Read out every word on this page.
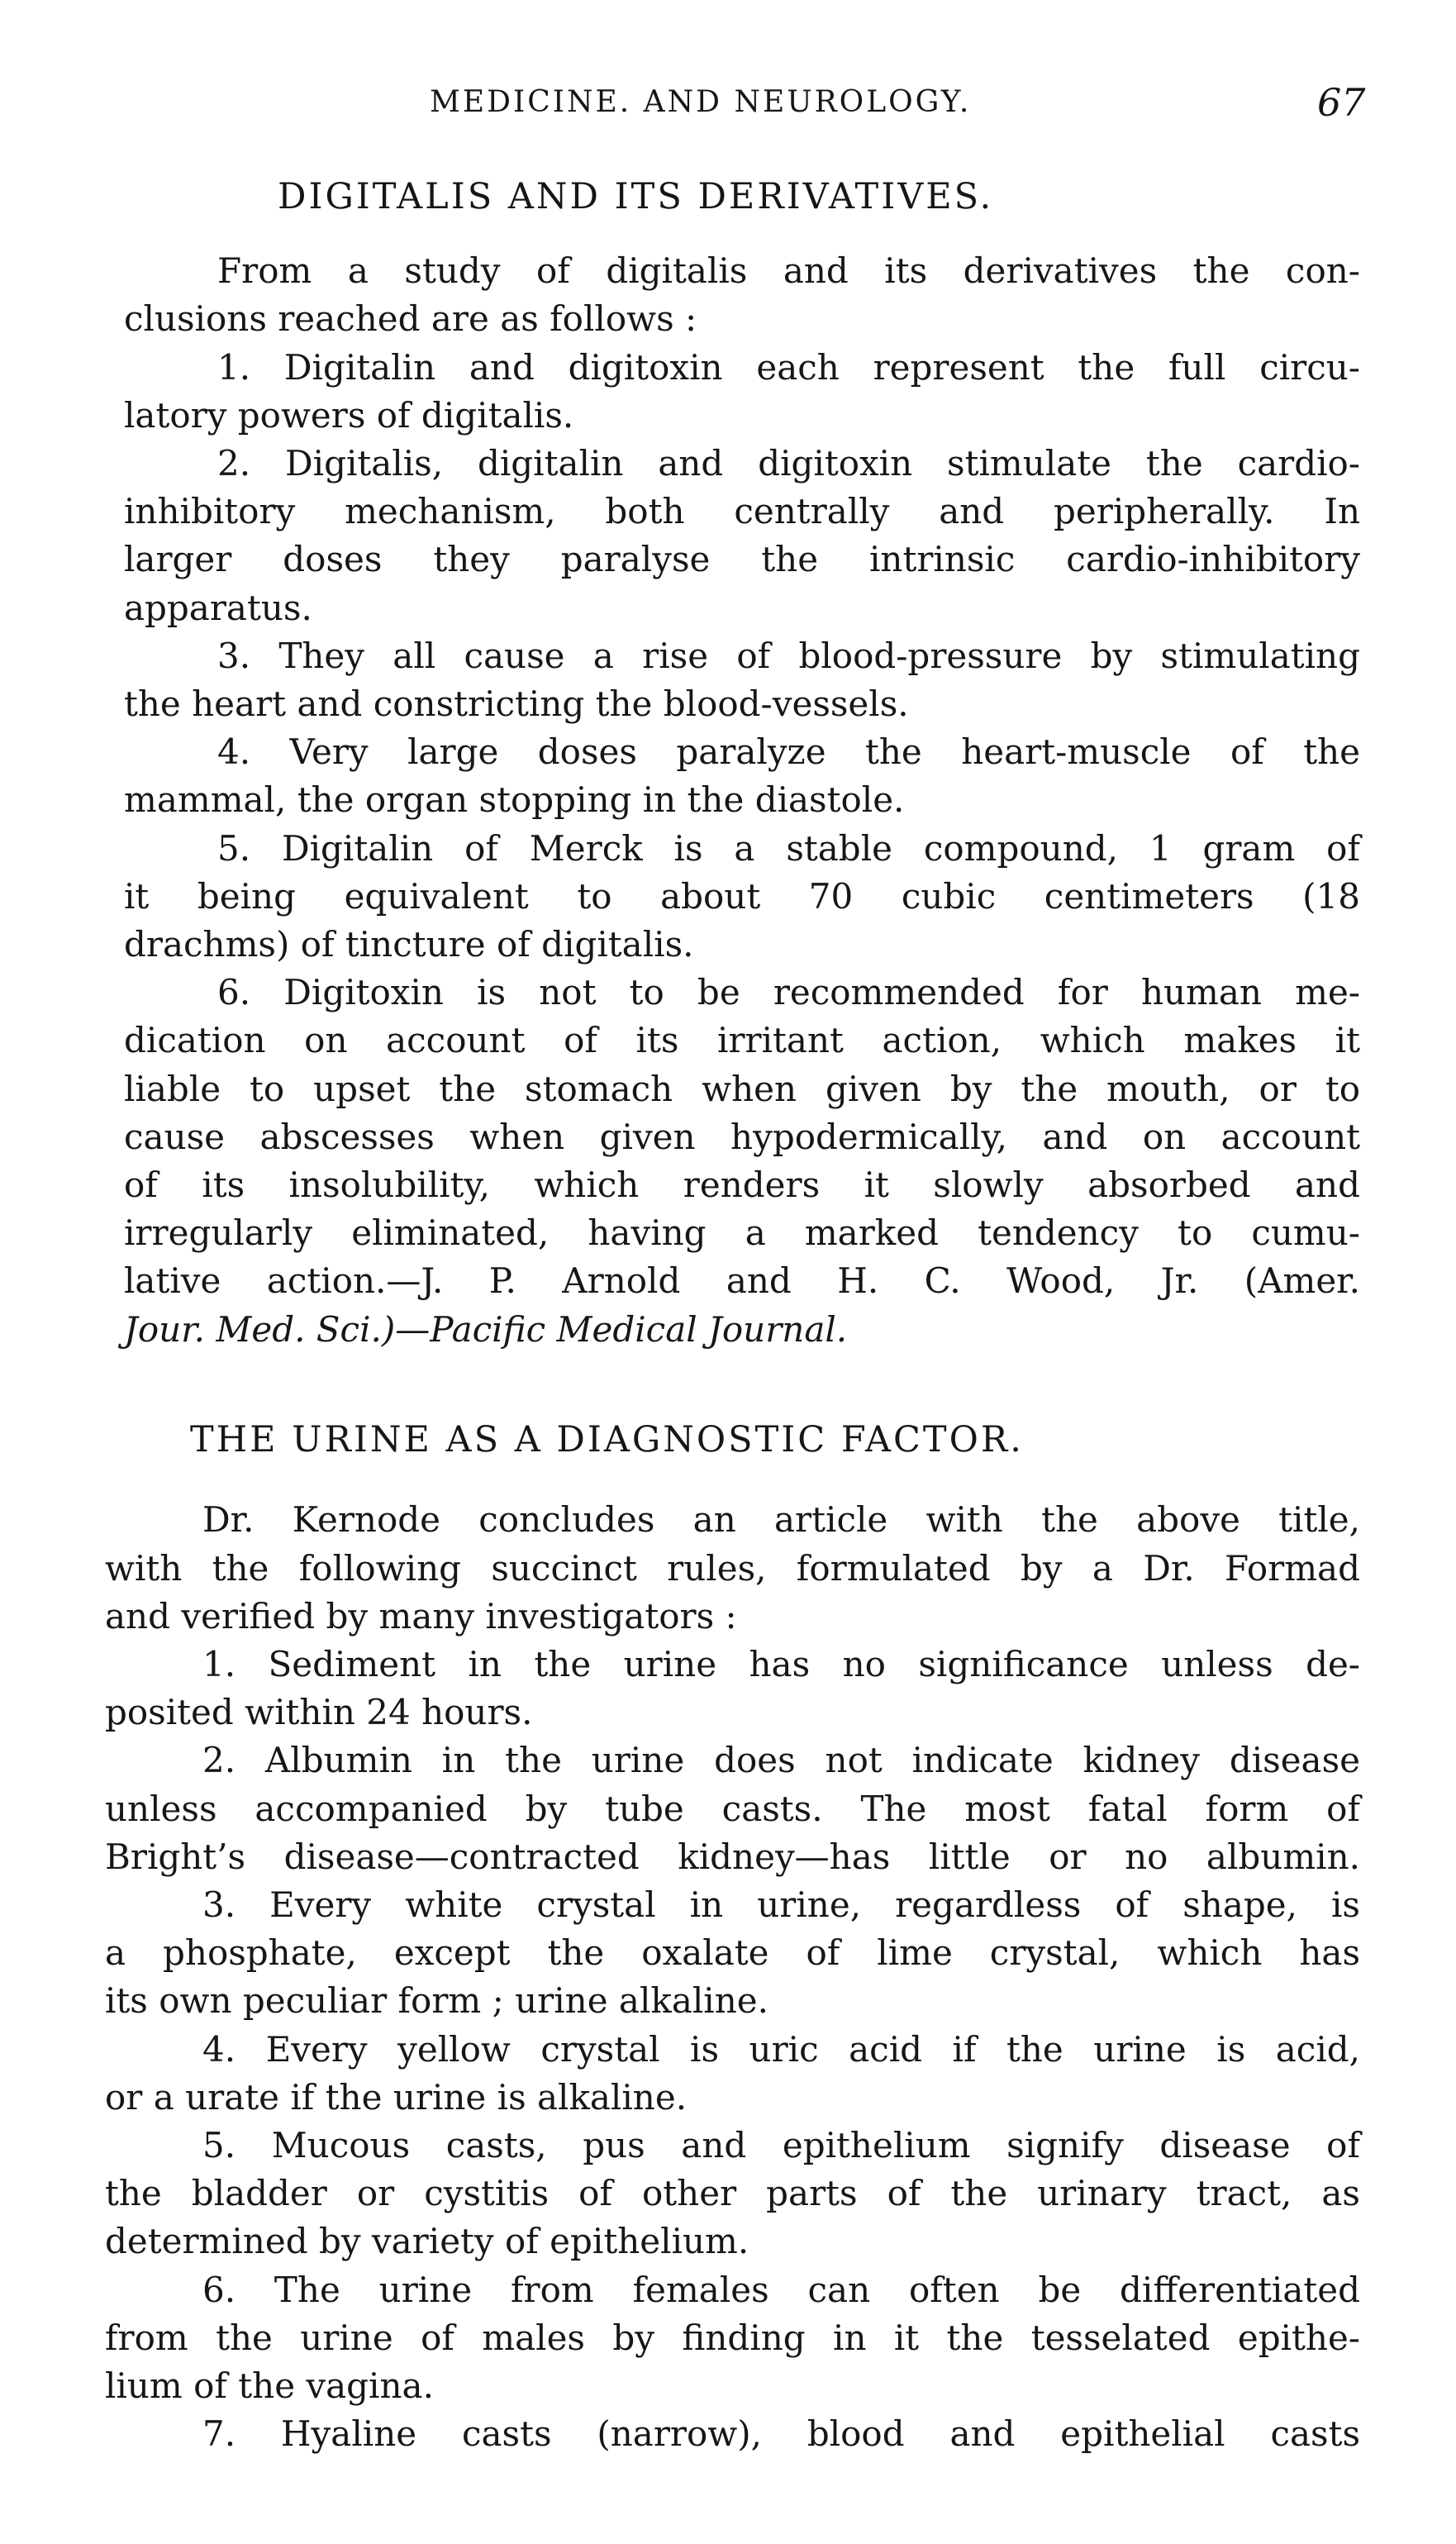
MEDICINE. AND NEUROLOGY.	67
DIGITALIS AND ITS DERIVATIVES.
From a study of digitalis and its derivatives the con-
clusions reached are as follows :
1. Digitalin and digitoxin each represent the full circu-
latory powers of digitalis.
2. Digitalis, digitalin and digitoxin stimulate the cardio-
inhibitory mechanism, both centrally and peripherally. In
larger doses they paralyse the intrinsic cardio-inhibitory
apparatus.
3. They all cause a rise of blood-pressure by stimulating
the heart and constricting the blood-vessels.
4. Very large doses paralyze the heart-muscle of the
mammal, the organ stopping in the diastole.
5. Digitalin of Merck is a stable compound, 1 gram of
it being equivalent to about 70 cubic centimeters (18
drachms) of tincture of digitalis.
6. Digitoxin is not to be recommended for human me-
dication on account of its irritant action, which makes it
liable to upset the stomach when given by the mouth, or to
cause abscesses when given hypodermically, and on account
of its insolubility, which renders it slowly absorbed and
irregularly eliminated, having a marked tendency to cumu-
lative action.—J. P. Arnold and H. C. Wood, Jr. (Amer.
Jour. Med. Sci.)—Pacific Medical Journal.
THE URINE AS A DIAGNOSTIC FACTOR.
Dr. Kernode concludes an article with the above title,
with the following succinct rules, formulated by a Dr. Formad
and verified by many investigators :
1. Sediment in the urine has no significance unless de-
posited within 24 hours.
2. Albumin in the urine does not indicate kidney disease
unless accompanied by tube casts. The most fatal form of
Bright’s disease—contracted kidney—has little or no albumin.
3. Every white crystal in urine, regardless of shape, is
a phosphate, except the oxalate of lime crystal, which has
its own peculiar form ; urine alkaline.
4. Every yellow crystal is uric acid if the urine is acid,
or a urate if the urine is alkaline.
5. Mucous casts, pus and epithelium signify disease of
the bladder or cystitis of other parts of the urinary tract, as
determined by variety of epithelium.
6. The urine from females can often be differentiated
from the urine of males by finding in it the tesselated epithe-
lium of the vagina.
7. Hyaline casts (narrow), blood and epithelial casts
